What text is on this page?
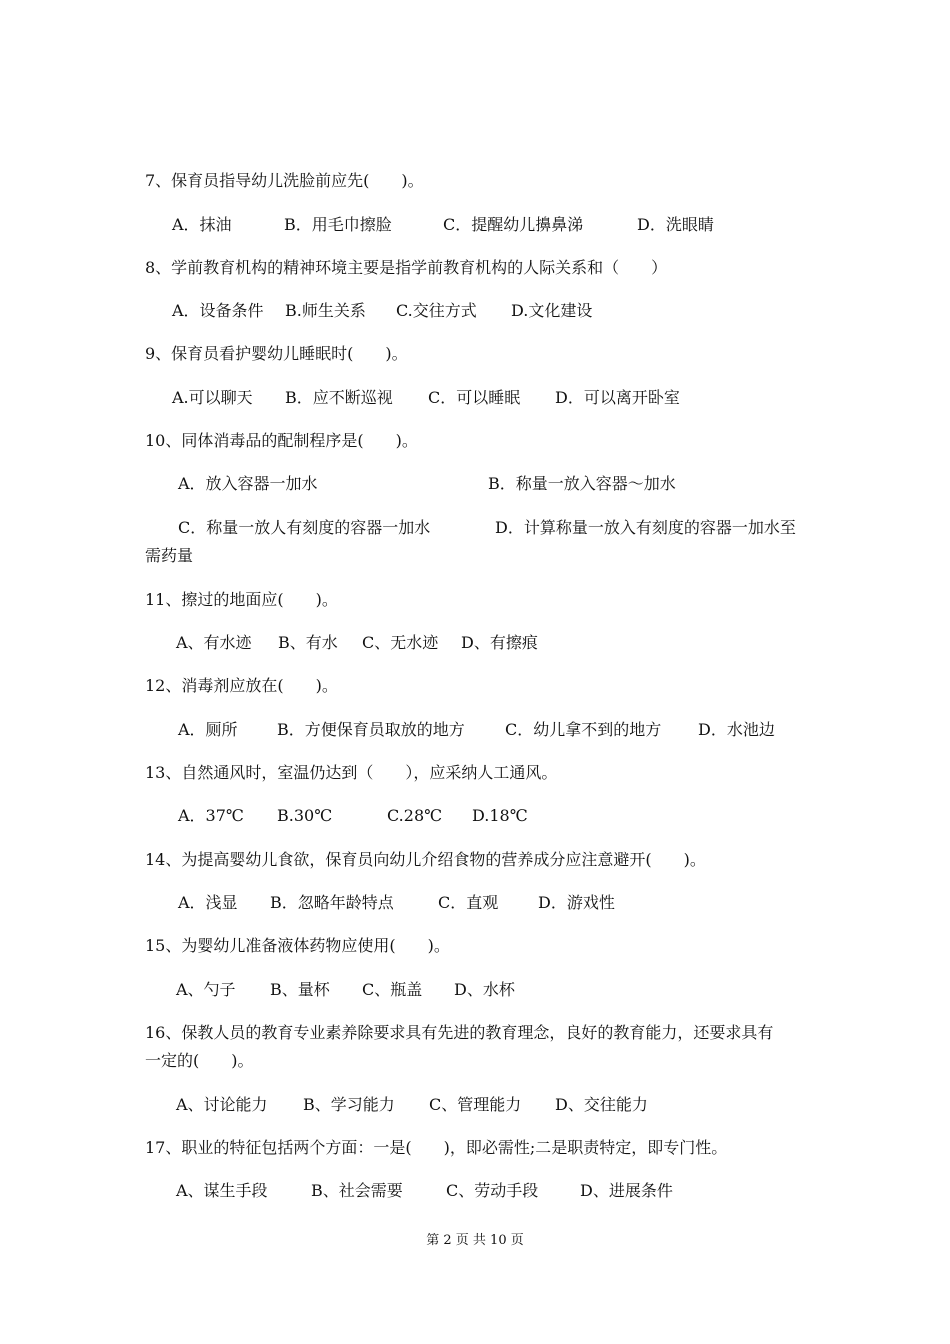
7、保育员指导幼儿洗脸前应先(　　)。
A．抹油	B．用毛巾擦脸	C．提醒幼儿擤鼻涕	D．洗眼睛
8、学前教育机构的精神环境主要是指学前教育机构的人际关系和（　　）
A．设备条件 B.师生关系 C.交往方式 D.文化建设
9、保育员看护婴幼儿睡眠时(　　)。
A.可以聊天 B．应不断巡视 C．可以睡眠 D．可以离开卧室
10、同体消毒品的配制程序是(　　)。
A．放入容器一加水	B．称量一放入容器～加水
C．称量一放人有刻度的容器一加水	D．计算称量一放入有刻度的容器一加水至
需药量
11、擦过的地面应(　　)。
A、有水迹 B、有水 C、无水迹 D、有擦痕
12、消毒剂应放在(　　)。
A．厕所 B．方便保育员取放的地方	C．幼儿拿不到的地方 D．水池边
13、自然通风时，室温仍达到（　　），应采纳人工通风。
A．37℃ B.30℃	C.28℃ D.18℃
14、为提高婴幼儿食欲，保育员向幼儿介绍食物的营养成分应注意避开(　　)。
A．浅显 B．忽略年龄特点	C．直观 D．游戏性
15、为婴幼儿准备液体药物应使用(　　)。
A、勺子 B、量杯 C、瓶盖 D、水杯
16、保教人员的教育专业素养除要求具有先进的教育理念，良好的教育能力，还要求具有
一定的(　　)。
A、讨论能力 B、学习能力 C、管理能力 D、交往能力
17、职业的特征包括两个方面：一是(　　)，即必需性;二是职责特定，即专门性。
A、谋生手段	B、社会需要	C、劳动手段	D、进展条件
第 2 页 共 10 页
